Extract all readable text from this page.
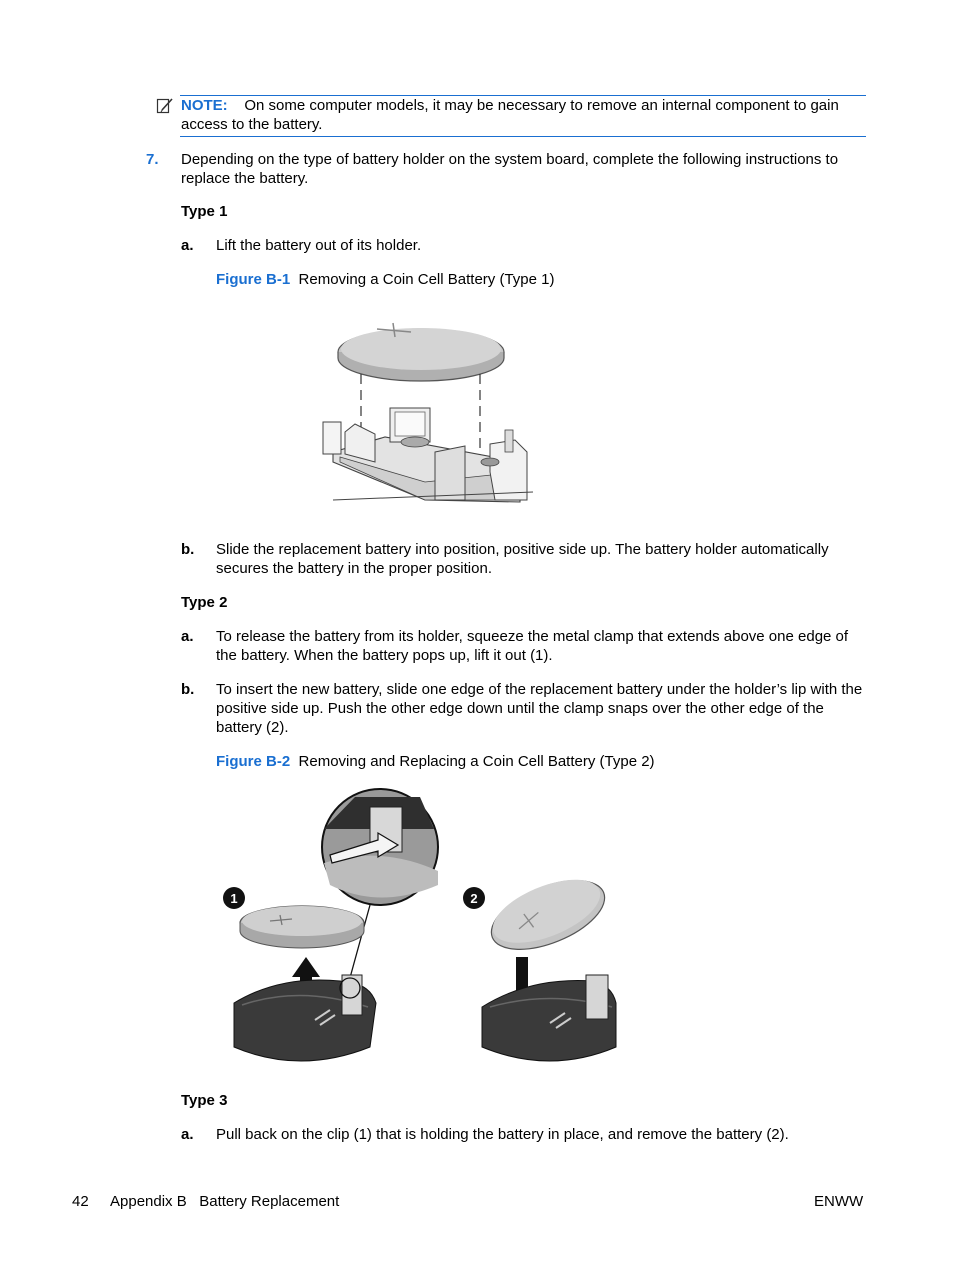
NOTE: On some computer models, it may be necessary to remove an internal component to gain access to the battery.
7. Depending on the type of battery holder on the system board, complete the following instructions to replace the battery.
Type 1
a. Lift the battery out of its holder.
Figure B-1 Removing a Coin Cell Battery (Type 1)
b. Slide the replacement battery into position, positive side up. The battery holder automatically secures the battery in the proper position.
Type 2
a. To release the battery from its holder, squeeze the metal clamp that extends above one edge of the battery. When the battery pops up, lift it out (1).
b. To insert the new battery, slide one edge of the replacement battery under the holder’s lip with the positive side up. Push the other edge down until the clamp snaps over the other edge of the battery (2).
Figure B-2 Removing and Replacing a Coin Cell Battery (Type 2)
1	2
Type 3
a. Pull back on the clip (1) that is holding the battery in place, and remove the battery (2).
42 Appendix B   Battery Replacement	ENWW
